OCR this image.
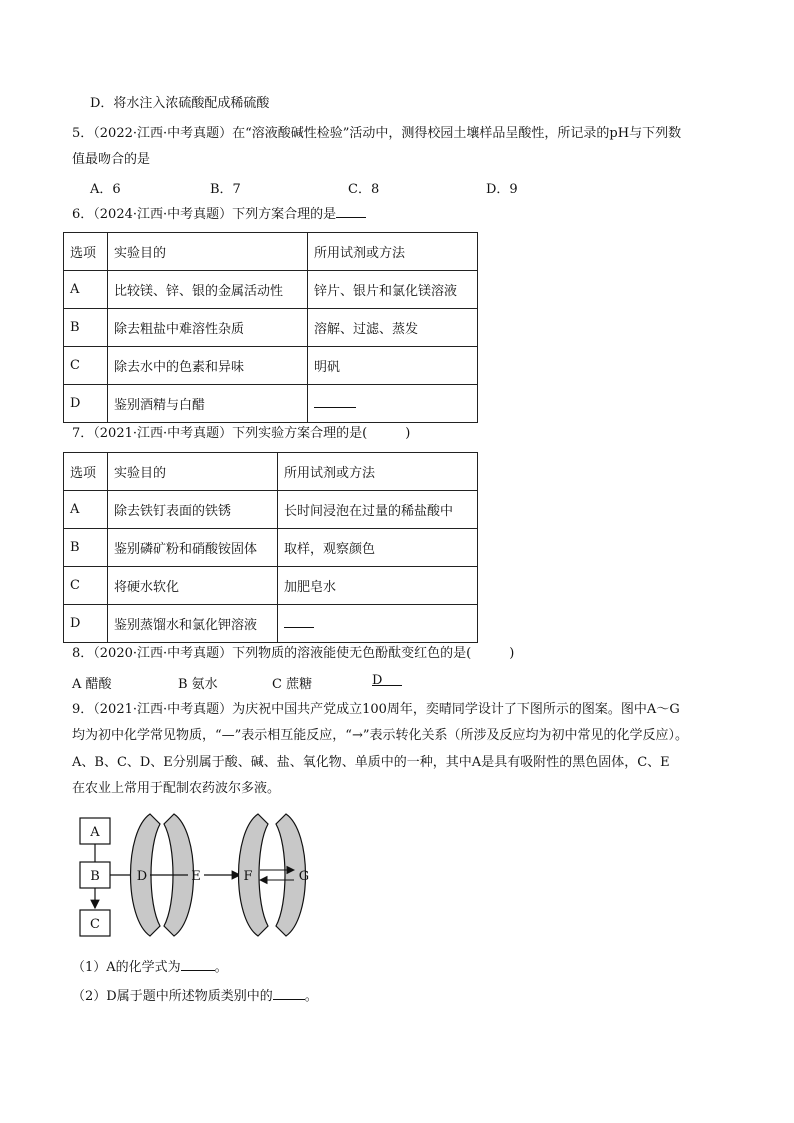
D．将水注入浓硫酸配成稀硫酸
5．（2022·江西·中考真题）在“溶液酸碱性检验”活动中，测得校园土壤样品呈酸性，所记录的pH与下列数
值最吻合的是
A．6	B．7	C．8	D．9
6．（2024·江西·中考真题）下列方案合理的是
选项	实验目的	所用试剂或方法
A	比较镁、锌、银的金属活动性	锌片、银片和氯化镁溶液
B	除去粗盐中难溶性杂质	溶解、过滤、蒸发
C	除去水中的色素和异味	明矾
D	鉴别酒精与白醋	
7．（2021·江西·中考真题）下列实验方案合理的是(	)
选项	实验目的	所用试剂或方法
A	除去铁钉表面的铁锈	长时间浸泡在过量的稀盐酸中
B	鉴别磷矿粉和硝酸铵固体	取样，观察颜色
C	将硬水软化	加肥皂水
D	鉴别蒸馏水和氯化钾溶液	
8．（2020·江西·中考真题）下列物质的溶液能使无色酚酞变红色的是(	)
A 醋酸	B 氨水	C 蔗糖	D
9．（2021·江西·中考真题）为庆祝中国共产党成立100周年，奕晴同学设计了下图所示的图案。图中A～G
均为初中化学常见物质，“—”表示相互能反应，“→”表示转化关系（所涉及反应均为初中常见的化学反应）。
A、B、C、D、E分别属于酸、碱、盐、氧化物、单质中的一种，其中A是具有吸附性的黑色固体，C、E
在农业上常用于配制农药波尔多液。
A
B
C
D	E	F	G
（1）A的化学式为	。
（2）D属于题中所述物质类别中的 。
